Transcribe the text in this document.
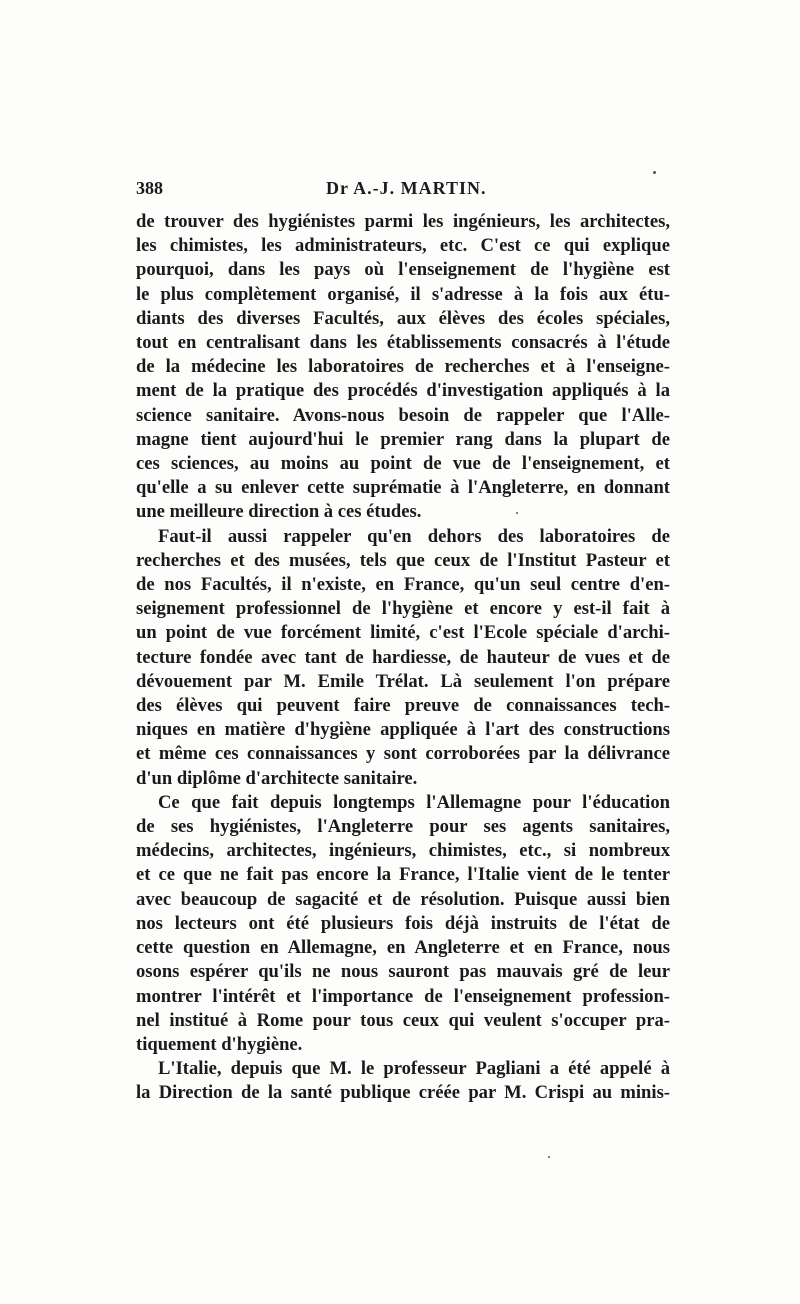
388	Dr A.-J. MARTIN.
de trouver des hygiénistes parmi les ingénieurs, les architectes,
les chimistes, les administrateurs, etc. C'est ce qui explique
pourquoi, dans les pays où l'enseignement de l'hygiène est
le plus complètement organisé, il s'adresse à la fois aux étu-
diants des diverses Facultés, aux élèves des écoles spéciales,
tout en centralisant dans les établissements consacrés à l'étude
de la médecine les laboratoires de recherches et à l'enseigne-
ment de la pratique des procédés d'investigation appliqués à la
science sanitaire. Avons-nous besoin de rappeler que l'Alle-
magne tient aujourd'hui le premier rang dans la plupart de
ces sciences, au moins au point de vue de l'enseignement, et
qu'elle a su enlever cette suprématie à l'Angleterre, en donnant
une meilleure direction à ces études.
Faut-il aussi rappeler qu'en dehors des laboratoires de
recherches et des musées, tels que ceux de l'Institut Pasteur et
de nos Facultés, il n'existe, en France, qu'un seul centre d'en-
seignement professionnel de l'hygiène et encore y est-il fait à
un point de vue forcément limité, c'est l'Ecole spéciale d'archi-
tecture fondée avec tant de hardiesse, de hauteur de vues et de
dévouement par M. Emile Trélat. Là seulement l'on prépare
des élèves qui peuvent faire preuve de connaissances tech-
niques en matière d'hygiène appliquée à l'art des constructions
et même ces connaissances y sont corroborées par la délivrance
d'un diplôme d'architecte sanitaire.
Ce que fait depuis longtemps l'Allemagne pour l'éducation
de ses hygiénistes, l'Angleterre pour ses agents sanitaires,
médecins, architectes, ingénieurs, chimistes, etc., si nombreux
et ce que ne fait pas encore la France, l'Italie vient de le tenter
avec beaucoup de sagacité et de résolution. Puisque aussi bien
nos lecteurs ont été plusieurs fois déjà instruits de l'état de
cette question en Allemagne, en Angleterre et en France, nous
osons espérer qu'ils ne nous sauront pas mauvais gré de leur
montrer l'intérêt et l'importance de l'enseignement profession-
nel institué à Rome pour tous ceux qui veulent s'occuper pra-
tiquement d'hygiène.
L'Italie, depuis que M. le professeur Pagliani a été appelé à
la Direction de la santé publique créée par M. Crispi au minis-
